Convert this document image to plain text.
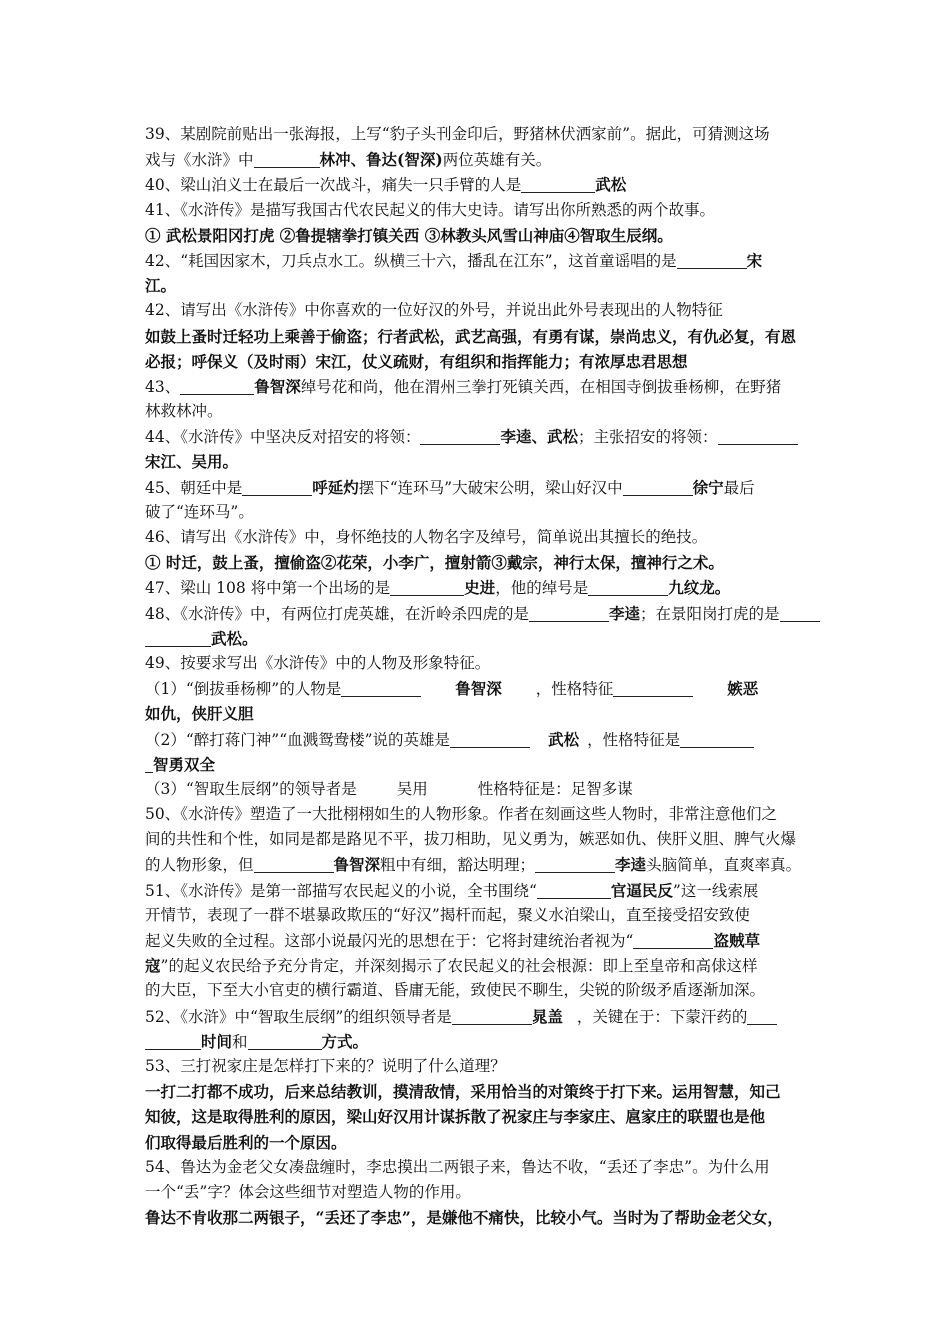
39、某剧院前贴出一张海报，上写“豹子头刊金印后，野猪林伏洒家前”。据此，可猜测这场
戏与《水浒》中	林冲、鲁达(智深)两位英雄有关。
40、梁山泊义士在最后一次战斗，痛失一只手臂的人是	武松
41、《水浒传》是描写我国古代农民起义的伟大史诗。请写出你所熟悉的两个故事。
① 武松景阳冈打虎 ②鲁提辖拳打镇关西 ③林教头风雪山神庙④智取生辰纲。
42、“耗国因家木，刀兵点水工。纵横三十六，播乱在江东”，这首童谣唱的是	宋
江。
42、请写出《水浒传》中你喜欢的一位好汉的外号，并说出此外号表现出的人物特征
如鼓上蚤时迁轻功上乘善于偷盗；行者武松，武艺高强，有勇有谋，崇尚忠义，有仇必复，有恩
必报；呼保义（及时雨）宋江，仗义疏财，有组织和指挥能力；有浓厚忠君思想
43、	鲁智深绰号花和尚，他在渭州三拳打死镇关西，在相国寺倒拔垂杨柳，在野猪
林救林冲。
44、《水浒传》中坚决反对招安的将领：	李逵、武松；主张招安的将领：
宋江、吴用。
45、朝廷中是	呼延灼摆下“连环马”大破宋公明，梁山好汉中	徐宁最后
破了“连环马”。
46、请写出《水浒传》中，身怀绝技的人物名字及绰号，简单说出其擅长的绝技。
① 时迁，鼓上蚤，擅偷盗②花荣，小李广，擅射箭③戴宗，神行太保，擅神行之术。
47、梁山 108 将中第一个出场的是	史进，他的绰号是	九纹龙。
48、《水浒传》中，有两位打虎英雄，在沂岭杀四虎的是	李逵；在景阳岗打虎的是
武松。
49、按要求写出《水浒传》中的人物及形象特征。
（1）“倒拔垂杨柳”的人物是	鲁智深 ，性格特征	嫉恶
如仇，侠肝义胆
（2）“醉打蒋门神”“血溅鸳鸯楼”说的英雄是	武松 ，性格特征是
智勇双全
（3）“智取生辰纲”的领导者是	吴用	性格特征是：足智多谋
50、《水浒传》塑造了一大批栩栩如生的人物形象。作者在刻画这些人物时，非常注意他们之
间的共性和个性，如同是都是路见不平，拔刀相助，见义勇为，嫉恶如仇、侠肝义胆、脾气火爆
的人物形象，但	鲁智深粗中有细，豁达明理；	李逵头脑简单，直爽率真。
51、《水浒传》是第一部描写农民起义的小说，全书围绕“	官逼民反”这一线索展
开情节，表现了一群不堪暴政欺压的“好汉”揭杆而起，聚义水泊梁山，直至接受招安致使
起义失败的全过程。这部小说最闪光的思想在于：它将封建统治者视为“	盗贼草
寇”的起义农民给予充分肯定，并深刻揭示了农民起义的社会根源：即上至皇帝和高俅这样
的大臣，下至大小官吏的横行霸道、昏庸无能，致使民不聊生，尖锐的阶级矛盾逐渐加深。
52、《水浒》中“智取生辰纲”的组织领导者是	晁盖 ，关键在于：下蒙汗药的
时间和	方式。
53、三打祝家庄是怎样打下来的？说明了什么道理？
一打二打都不成功，后来总结教训，摸清敌情，采用恰当的对策终于打下来。运用智慧，知己
知彼，这是取得胜利的原因，梁山好汉用计谋拆散了祝家庄与李家庄、扈家庄的联盟也是他
们取得最后胜利的一个原因。
54、鲁达为金老父女凑盘缠时，李忠摸出二两银子来，鲁达不收，“丢还了李忠”。为什么用
一个“丢”字？体会这些细节对塑造人物的作用。
鲁达不肯收那二两银子，“丢还了李忠”，是嫌他不痛快，比较小气。当时为了帮助金老父女，
